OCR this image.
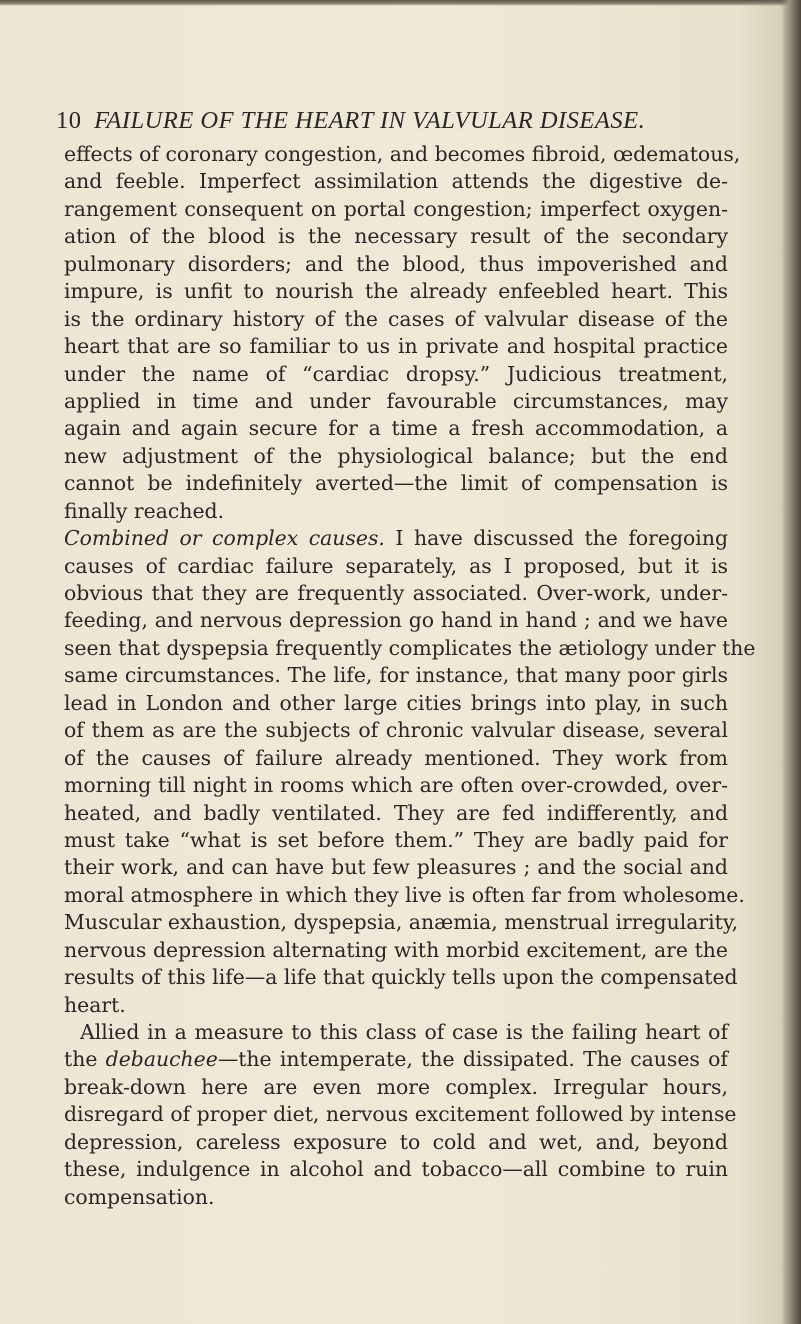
10 FAILURE OF THE HEART IN VALVULAR DISEASE.
effects of coronary congestion, and becomes fibroid, œdematous,
and feeble. Imperfect assimilation attends the digestive de-
rangement consequent on portal congestion; imperfect oxygen-
ation of the blood is the necessary result of the secondary
pulmonary disorders; and the blood, thus impoverished and
impure, is unfit to nourish the already enfeebled heart. This
is the ordinary history of the cases of valvular disease of the
heart that are so familiar to us in private and hospital practice
under the name of “cardiac dropsy.” Judicious treatment,
applied in time and under favourable circumstances, may
again and again secure for a time a fresh accommodation, a
new adjustment of the physiological balance; but the end
cannot be indefinitely averted—the limit of compensation is
finally reached.
Combined or complex causes. I have discussed the foregoing
causes of cardiac failure separately, as I proposed, but it is
obvious that they are frequently associated. Over-work, under-
feeding, and nervous depression go hand in hand ; and we have
seen that dyspepsia frequently complicates the ætiology under the
same circumstances. The life, for instance, that many poor girls
lead in London and other large cities brings into play, in such
of them as are the subjects of chronic valvular disease, several
of the causes of failure already mentioned. They work from
morning till night in rooms which are often over-crowded, over-
heated, and badly ventilated. They are fed indifferently, and
must take “what is set before them.” They are badly paid for
their work, and can have but few pleasures ; and the social and
moral atmosphere in which they live is often far from wholesome.
Muscular exhaustion, dyspepsia, anæmia, menstrual irregularity,
nervous depression alternating with morbid excitement, are the
results of this life—a life that quickly tells upon the compensated
heart.
Allied in a measure to this class of case is the failing heart of
the debauchee—the intemperate, the dissipated. The causes of
break-down here are even more complex. Irregular hours,
disregard of proper diet, nervous excitement followed by intense
depression, careless exposure to cold and wet, and, beyond
these, indulgence in alcohol and tobacco—all combine to ruin
compensation.
